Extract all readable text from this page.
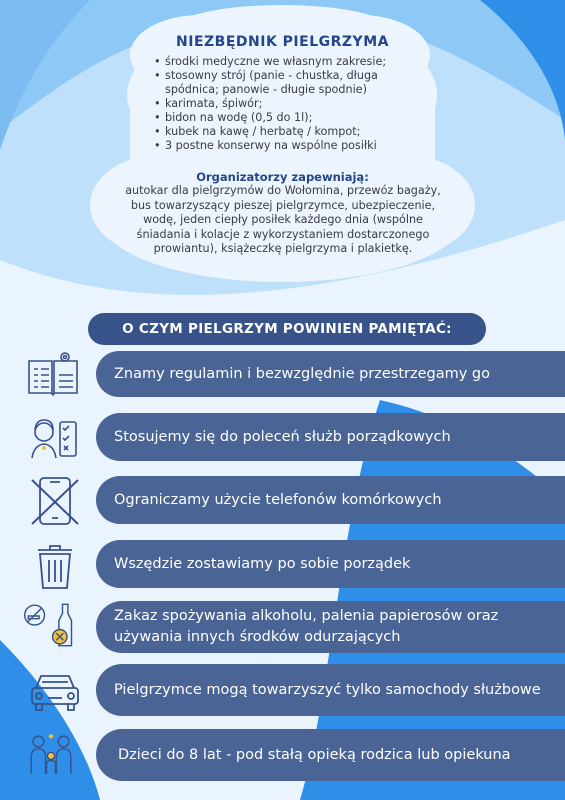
NIEZBĘDNIK PIELGRZYMA
• środki medyczne we własnym zakresie;
• stosowny strój (panie - chustka, długa spódnica; panowie - długie spodnie)
• karimata, śpiwór;
• bidon na wodę (0,5 do 1l);
• kubek na kawę / herbatę / kompot;
• 3 postne konserwy na wspólne posiłki
Organizatorzy zapewniają:
autokar dla pielgrzymów do Wołomina, przewóz bagaży, bus towarzyszący pieszej pielgrzymce, ubezpieczenie, wodę, jeden ciepły posiłek każdego dnia (wspólne śniadania i kolacje z wykorzystaniem dostarczonego prowiantu), książeczkę pielgrzyma i plakietkę.
O CZYM PIELGRZYM POWINIEN PAMIĘTAĆ:
Znamy regulamin i bezwzględnie przestrzegamy go
Stosujemy się do poleceń służb porządkowych
Ograniczamy użycie telefonów komórkowych
Wszędzie zostawiamy po sobie porządek
Zakaz spożywania alkoholu, palenia papierosów oraz używania innych środków odurzających
Pielgrzymce mogą towarzyszyć tylko samochody służbowe
Dzieci do 8 lat - pod stałą opieką rodzica lub opiekuna
